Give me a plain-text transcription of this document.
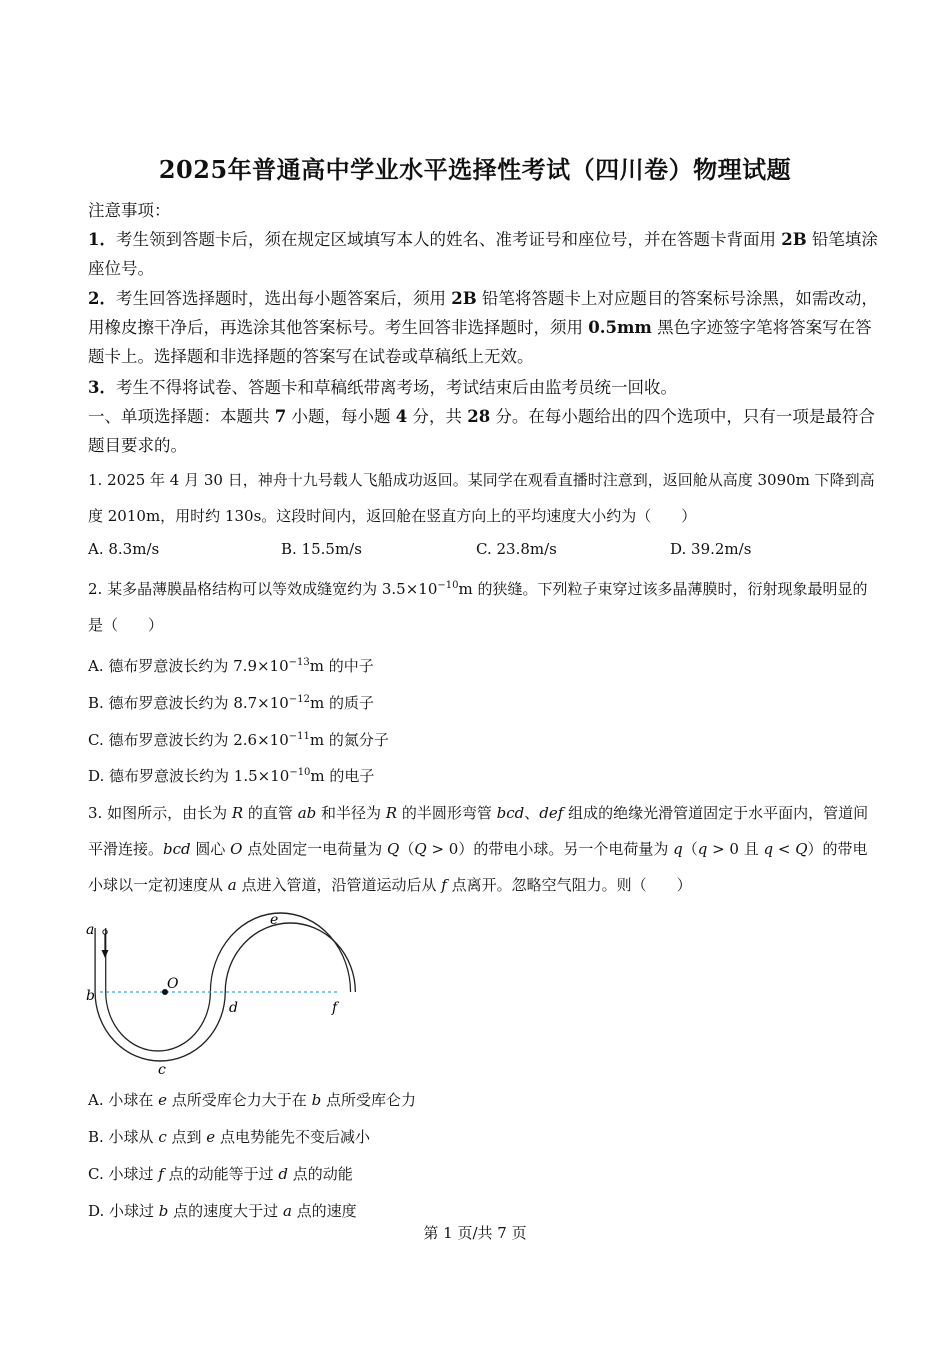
2025年普通高中学业水平选择性考试（四川卷）物理试题
注意事项：
1．考生领到答题卡后，须在规定区域填写本人的姓名、准考证号和座位号，并在答题卡背面用 2B 铅笔填涂座位号。
2．考生回答选择题时，选出每小题答案后，须用 2B 铅笔将答题卡上对应题目的答案标号涂黑，如需改动，用橡皮擦干净后，再选涂其他答案标号。考生回答非选择题时，须用 0.5mm 黑色字迹签字笔将答案写在答题卡上。选择题和非选择题的答案写在试卷或草稿纸上无效。
3．考生不得将试卷、答题卡和草稿纸带离考场，考试结束后由监考员统一回收。
一、单项选择题：本题共 7 小题，每小题 4 分，共 28 分。在每小题给出的四个选项中，只有一项是最符合题目要求的。
1. 2025 年 4 月 30 日，神舟十九号载人飞船成功返回。某同学在观看直播时注意到，返回舱从高度 3090m 下降到高度 2010m，用时约 130s。这段时间内，返回舱在竖直方向上的平均速度大小约为（　　）
A. 8.3m/s	B. 15.5m/s	C. 23.8m/s	D. 39.2m/s
2. 某多晶薄膜晶格结构可以等效成缝宽约为 $3.5\times 10^{-10}m$ 的狭缝。下列粒子束穿过该多晶薄膜时，衍射现象最明显的是（　　）
A. 德布罗意波长约为 $7.9\times 10^{-13}m$ 的中子
B. 德布罗意波长约为 $8.7\times 10^{-12}m$ 的质子
C. 德布罗意波长约为 $2.6\times 10^{-11}m$ 的氮分子
D. 德布罗意波长约为 $1.5\times 10^{-10}m$ 的电子
3. 如图所示，由长为 R 的直管 ab 和半径为 R 的半圆形弯管 bcd、def 组成的绝缘光滑管道固定于水平面内，管道间平滑连接。bcd 圆心 O 点处固定一电荷量为 Q（Q > 0）的带电小球。另一个电荷量为 q（q > 0 且 q < Q）的带电小球以一定初速度从 a 点进入管道，沿管道运动后从 f 点离开。忽略空气阻力。则（　　）
a
b
O
c
d
e
f
A. 小球在 e 点所受库仑力大于在 b 点所受库仑力
B. 小球从 c 点到 e 点电势能先不变后减小
C. 小球过 f 点的动能等于过 d 点的动能
D. 小球过 b 点的速度大于过 a 点的速度
第 1 页/共 7 页
